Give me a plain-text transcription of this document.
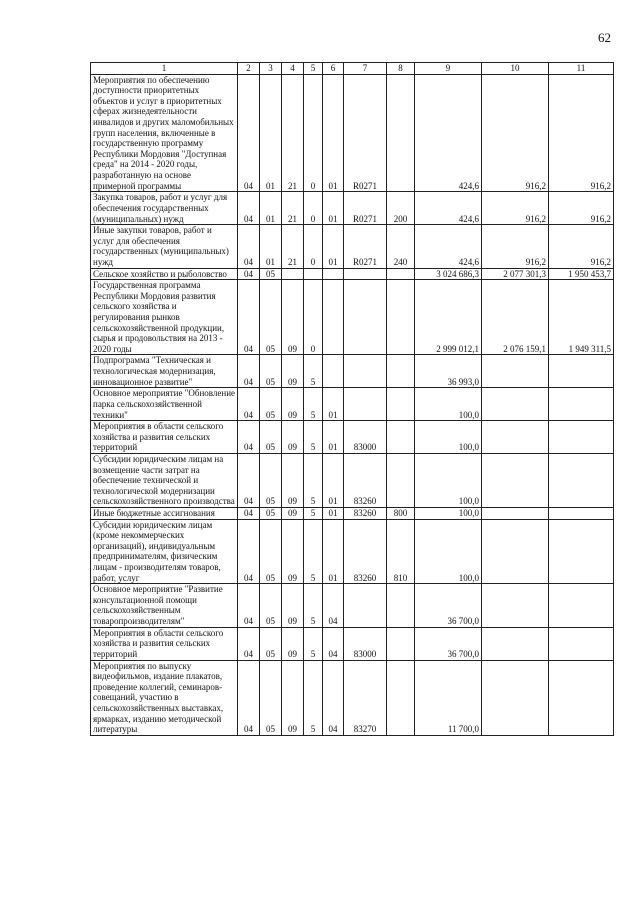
62
1	2	3	4	5	6	7	8	9	10	11

Мероприятия по обеспечению доступности приоритетных объектов и услуг в приоритетных сферах жизнедеятельности инвалидов и других маломобильных групп населения, включенные в государственную программу Республики Мордовия "Доступная среда" на 2014 - 2020 годы, разработанную на основе примерной программы	04	01	21	0	01	R0271		424,6	916,2	916,2

Закупка товаров, работ и услуг для обеспечения государственных (муниципальных) нужд	04	01	21	0	01	R0271	200	424,6	916,2	916,2

Иные закупки товаров, работ и услуг для обеспечения государственных (муниципальных) нужд	04	01	21	0	01	R0271	240	424,6	916,2	916,2

Сельское хозяйство и рыболовство	04	05						3 024 686,3	2 077 301,3	1 950 453,7

Государственная программа Республики Мордовия развития сельского хозяйства и регулирования рынков сельскохозяйственной продукции, сырья и продовольствия на 2013 - 2020 годы	04	05	09	0				2 999 012,1	2 076 159,1	1 949 311,5

Подпрограмма "Техническая и технологическая модернизация, инновационное развитие"	04	05	09	5				36 993,0		

Основное мероприятие "Обновление парка сельскохозяйственной техники"	04	05	09	5	01			100,0		

Мероприятия в области сельского хозяйства и развития сельских территорий	04	05	09	5	01	83000		100,0		

Субсидии юридическим лицам на возмещение части затрат на обеспечение технической и технологической модернизации сельскохозяйственного производства	04	05	09	5	01	83260		100,0		

Иные бюджетные ассигнования	04	05	09	5	01	83260	800	100,0		

Субсидии юридическим лицам (кроме некоммерческих организаций), индивидуальным предпринимателям, физическим лицам - производителям товаров, работ, услуг	04	05	09	5	01	83260	810	100,0		

Основное мероприятие "Развитие консультационной помощи сельскохозяйственным товаропроизводителям"	04	05	09	5	04			36 700,0		

Мероприятия в области сельского хозяйства и развития сельских территорий	04	05	09	5	04	83000		36 700,0		

Мероприятия по выпуску видеофильмов, издание плакатов, проведение коллегий, семинаров-совещаний, участию в сельскохозяйственных выставках, ярмарках, изданию методической литературы	04	05	09	5	04	83270		11 700,0		
